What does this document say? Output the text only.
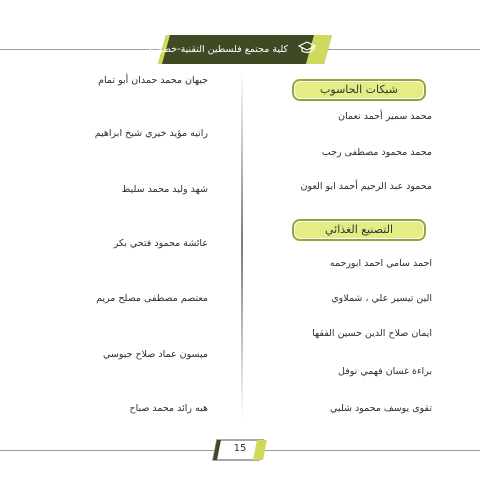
كلية مجتمع فلسطين التقنية-خضوري
شبكات الحاسوب
محمد سمير أحمد نعمان
محمد محمود مصطفى رجب
محمود عبد الرحيم أحمد ابو العون
التصنيع الغذائي
احمد سامي احمد ابورحمه
الين تيسير علي ، شملاوي
ايمان صلاح الدين حسين الفقها
براءة غسان فهمي نوفل
تقوى يوسف محمود شلبي
جيهان محمد حمدان أبو تمام
رانيه مؤيد خيري شيخ ابراهيم
شهد وليد محمد سليط
عائشة محمود فتحي بكر
معتصم مصطفى مصلح مريم
ميسون عماد صلاح جيوسي
هبه رائد محمد صباح
15
